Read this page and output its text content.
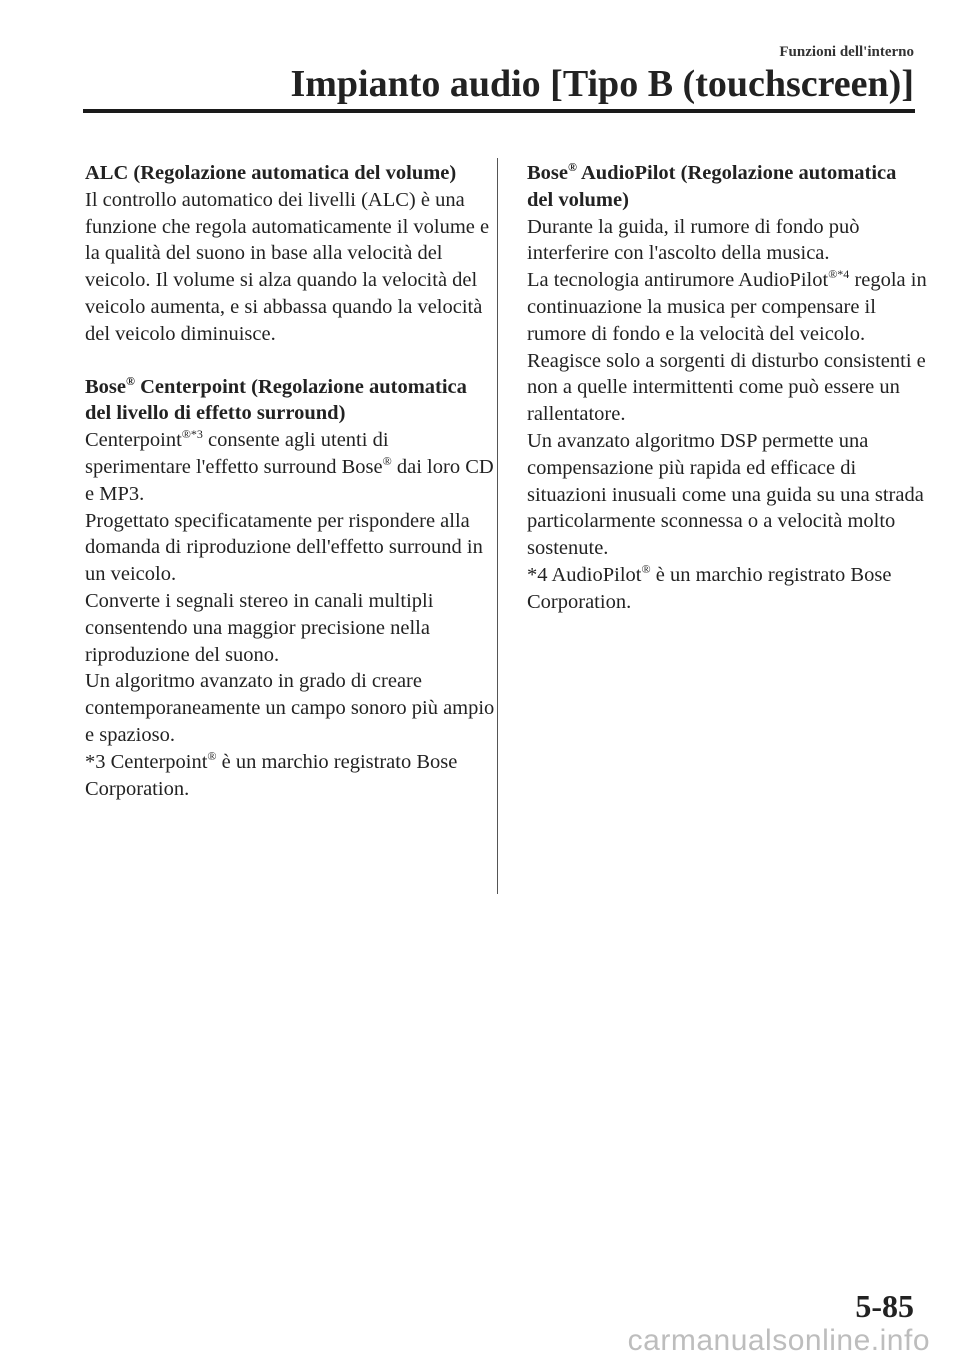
Funzioni dell'interno
Impianto audio [Tipo B (touchscreen)]
ALC (Regolazione automatica del volume)

Il controllo automatico dei livelli (ALC) è una funzione che regola automaticamente il volume e la qualità del suono in base alla velocità del veicolo. Il volume si alza quando la velocità del veicolo aumenta, e si abbassa quando la velocità del veicolo diminuisce.

Bose® Centerpoint (Regolazione automatica del livello di effetto surround)

Centerpoint$^{®*3}$ consente agli utenti di sperimentare l'effetto surround Bose® dai loro CD e MP3.

Progettato specificatamente per rispondere alla domanda di riproduzione dell'effetto surround in un veicolo.

Converte i segnali stereo in canali multipli consentendo una maggior precisione nella riproduzione del suono.

Un algoritmo avanzato in grado di creare contemporaneamente un campo sonoro più ampio e spazioso.

*3 Centerpoint® è un marchio registrato Bose Corporation.

Bose® AudioPilot (Regolazione automatica del volume)

Durante la guida, il rumore di fondo può interferire con l'ascolto della musica.

La tecnologia antirumore AudioPilot$^{®*4}$ regola in continuazione la musica per compensare il rumore di fondo e la velocità del veicolo.

Reagisce solo a sorgenti di disturbo consistenti e non a quelle intermittenti come può essere un rallentatore.

Un avanzato algoritmo DSP permette una compensazione più rapida ed efficace di situazioni inusuali come una guida su una strada particolarmente sconnessa o a velocità molto sostenute.

*4 AudioPilot® è un marchio registrato Bose Corporation.

5-85
carmanualsonline.info
